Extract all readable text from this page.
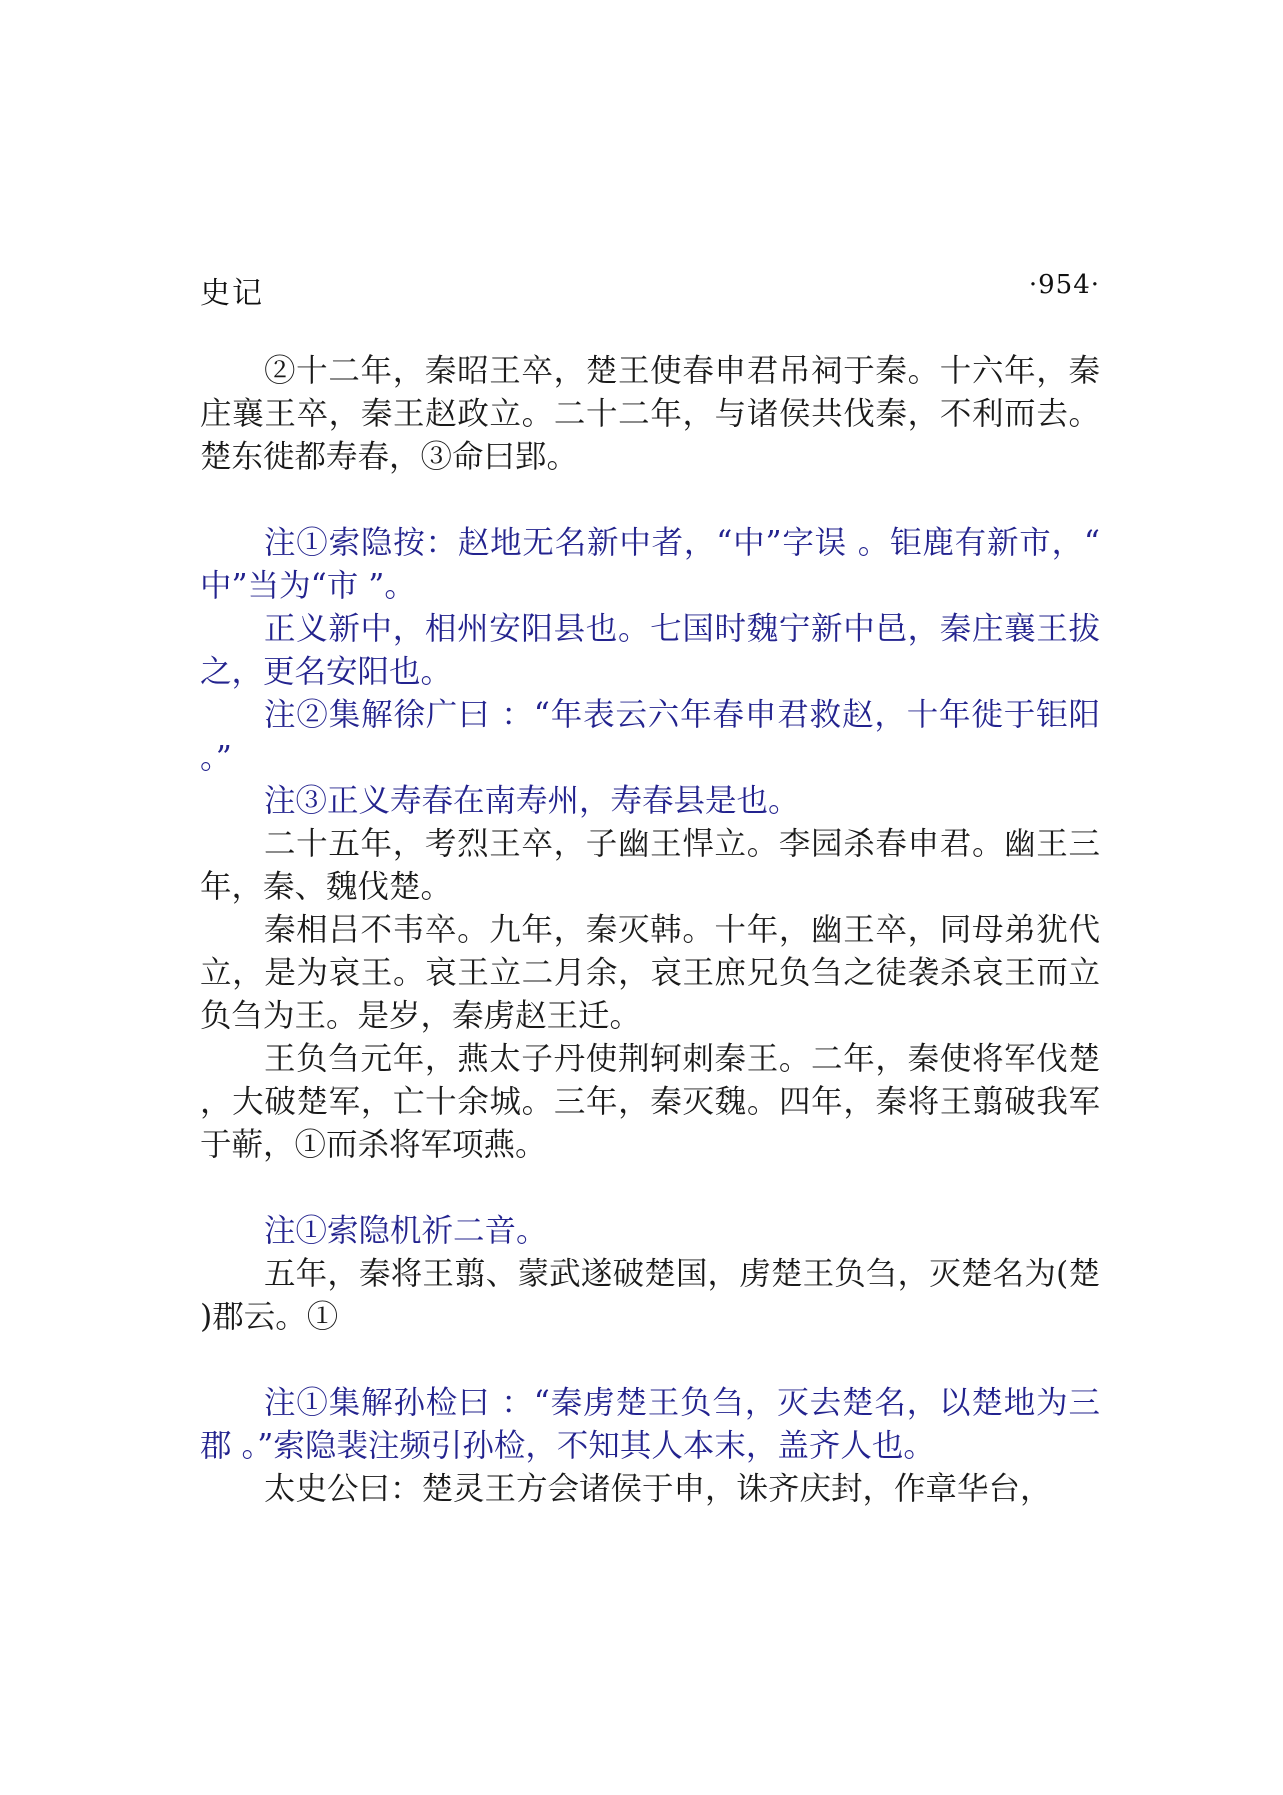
史记	·954·

②十二年，秦昭王卒，楚王使春申君吊祠于秦。十六年，秦庄襄王卒，秦王赵政立。二十二年，与诸侯共伐秦，不利而去。楚东徙都寿春，③命曰郢。

注①索隐按：赵地无名新中者，“中”字误 。钜鹿有新市，“中”当为“市 ”。

正义新中，相州安阳县也。七国时魏宁新中邑，秦庄襄王拔之，更名安阳也。

注②集解徐广曰 ：“年表云六年春申君救赵，十年徙于钜阳 。”

注③正义寿春在南寿州，寿春县是也。

二十五年，考烈王卒，子幽王悍立。李园杀春申君。幽王三年，秦、魏伐楚。

秦相吕不韦卒。九年，秦灭韩。十年，幽王卒，同母弟犹代立，是为哀王。哀王立二月余，哀王庶兄负刍之徒袭杀哀王而立负刍为王。是岁，秦虏赵王迁。

王负刍元年，燕太子丹使荆轲刺秦王。二年，秦使将军伐楚，大破楚军，亡十余城。三年，秦灭魏。四年，秦将王翦破我军于蕲，①而杀将军项燕。

注①索隐机祈二音。

五年，秦将王翦、蒙武遂破楚国，虏楚王负刍，灭楚名为(楚)郡云。①

注①集解孙检曰 ：“秦虏楚王负刍，灭去楚名，以楚地为三郡 。”索隐裴注频引孙检，不知其人本末，盖齐人也。

太史公曰：楚灵王方会诸侯于申，诛齐庆封，作章华台，
